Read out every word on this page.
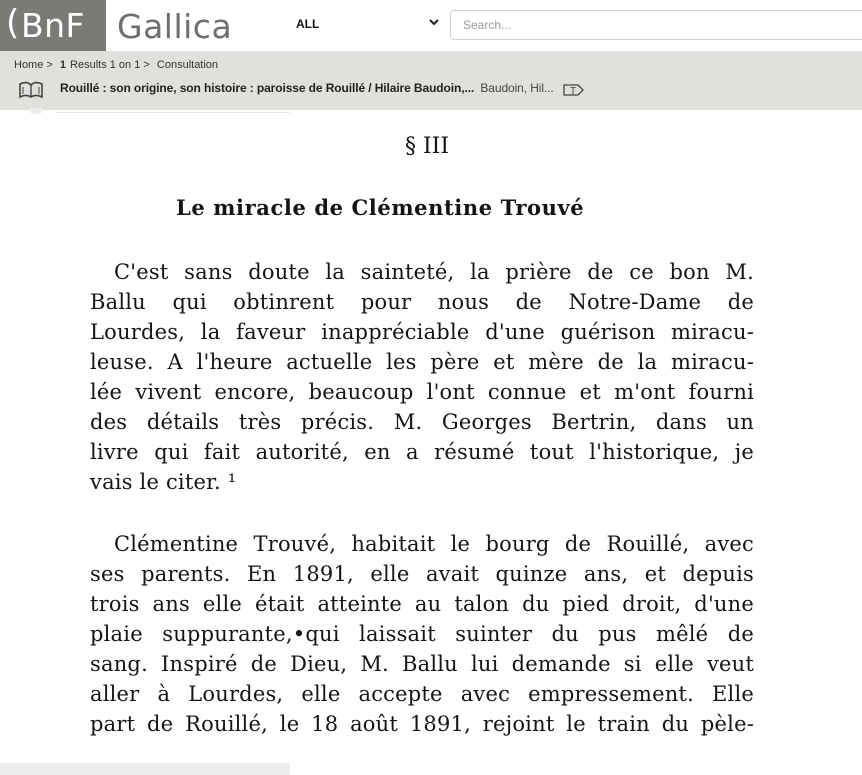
( BnF Gallica	ALL
Search...
Home > 1 Results 1 on 1 > Consultation
Rouillé : son origine, son histoire : paroisse de Rouillé / Hilaire Baudoin,... Baudoin, Hil... T
§ III
Le miracle de Clémentine Trouvé
C'est sans doute la sainteté, la prière de ce bon M.
Ballu qui obtinrent pour nous de Notre-Dame de
Lourdes, la faveur inappréciable d'une guérison miracu-
leuse. A l'heure actuelle les père et mère de la miracu-
lée vivent encore, beaucoup l'ont connue et m'ont fourni
des détails très précis. M. Georges Bertrin, dans un
livre qui fait autorité, en a résumé tout l'historique, je
vais le citer. ¹
Clémentine Trouvé, habitait le bourg de Rouillé, avec
ses parents. En 1891, elle avait quinze ans, et depuis
trois ans elle était atteinte au talon du pied droit, d'une
plaie suppurante,•qui laissait suinter du pus mêlé de
sang. Inspiré de Dieu, M. Ballu lui demande si elle veut
aller à Lourdes, elle accepte avec empressement. Elle
part de Rouillé, le 18 août 1891, rejoint le train du pèle-
